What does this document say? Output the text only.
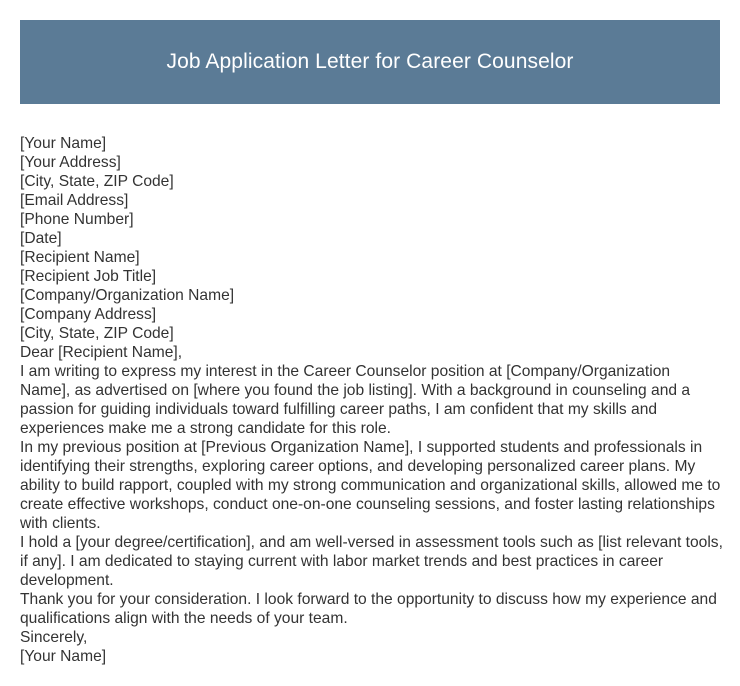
Job Application Letter for Career Counselor
[Your Name]
[Your Address]
[City, State, ZIP Code]
[Email Address]
[Phone Number]
[Date]
[Recipient Name]
[Recipient Job Title]
[Company/Organization Name]
[Company Address]
[City, State, ZIP Code]
Dear [Recipient Name],

I am writing to express my interest in the Career Counselor position at [Company/Organization Name], as advertised on [where you found the job listing]. With a background in counseling and a passion for guiding individuals toward fulfilling career paths, I am confident that my skills and experiences make me a strong candidate for this role.

In my previous position at [Previous Organization Name], I supported students and professionals in identifying their strengths, exploring career options, and developing personalized career plans. My ability to build rapport, coupled with my strong communication and organizational skills, allowed me to create effective workshops, conduct one-on-one counseling sessions, and foster lasting relationships with clients.

I hold a [your degree/certification], and am well-versed in assessment tools such as [list relevant tools, if any]. I am dedicated to staying current with labor market trends and best practices in career development.

Thank you for your consideration. I look forward to the opportunity to discuss how my experience and qualifications align with the needs of your team.

Sincerely,
[Your Name]
